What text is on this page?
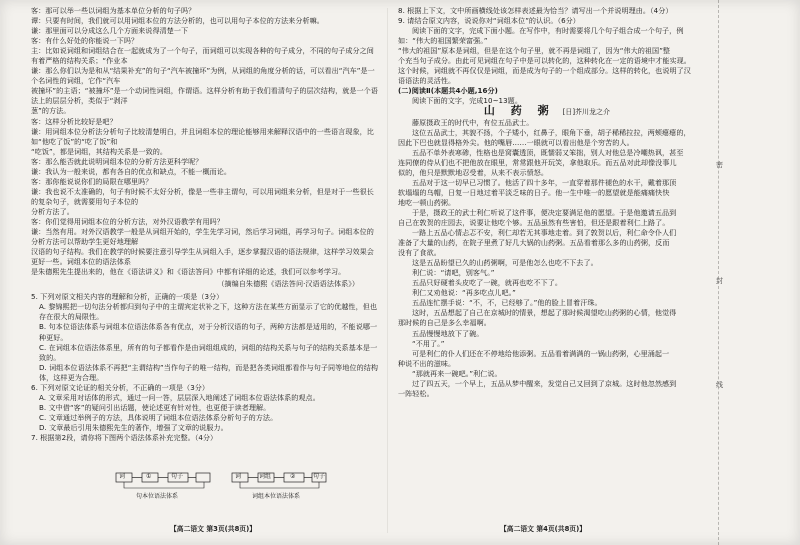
客：那可以举一些以词组为基本单位分析的句子吗？

谭：只要有时间，我们就可以用词组本位的方法分析的，也可以用句子本位的方法来分析嘛。

谦：那里面可以分成这么几个方面来说得清楚一下

客：有什么好处的你能说一下吗？

主：比如说词组和词组结合在一起就成为了一个句子，而词组可以实现各种的句子成分，不同的句子成分之间有着严格的结构关系；“作业本

谦：那么你们以为是和从“结果补充”的句子“汽车被撞坏”为例，从词组的角度分析的话，可以看出“汽车”是一个名词性的词组，它作“汽车

被撞坏”的主语；“被撞坏”是一个动词性词组，作谓语。这样分析有助于我们看清句子的层次结构，就是一个语法上的层层分析，类似于“剥洋

葱”的方法。

客：这样分析比较好是吧？

谦：用词组本位分析法分析句子比较清楚明白，并且词组本位的理论能够用来解释汉语中的一些语言现象，比如“他吃了饭”的“吃了饭”和

“吃饭”，都是词组，其结构关系是一致的。

客：那么能否就此说明词组本位的分析方法更科学呢？

谦：我认为一般来说，都有各自的优点和缺点，不能一概而论。

客：那你能说说你们的局限在哪里吗？

谦：我也说不太准确的，句子有时候不太好分析，像是一些非主谓句，可以用词组来分析，但是对于一些很长的复杂句子，就需要用句子本位的

分析方法了。

客：你们觉得用词组本位的分析方法，对外汉语教学有用吗？

谦：当然有用。对外汉语教学一般是从词组开始的，学生先学习词，然后学习词组，再学习句子。词组本位的分析方法可以帮助学生更好地理解

汉语的句子结构。我们在教学的时候要注意引导学生从词组入手，逐步掌握汉语的语法规律，这样学习效果会更好一些。词组本位的语法体系

是朱德熙先生提出来的，他在《语法讲义》和《语法答问》中都有详细的论述，我们可以参考学习。

（摘编自朱德熙《语法答问·汉语语法体系》）

5. 下列对原文相关内容的理解和分析，正确的一项是（3分）

A. 黎锦熙把一切句法分析都归到句子中的主谓宾定状补之下，这种方法在某些方面显示了它的优越性，但也存在很大的局限性。

B. 句本位语法体系与词组本位语法体系各有优点，对于分析汉语的句子，两种方法都是适用的，不能说哪一种更好。

C. 在词组本位语法体系里，所有的句子都看作是由词组组成的，词组的结构关系与句子的结构关系基本是一致的。

D. 词组本位语法体系不再把“主谓结构”当作句子的唯一结构，而是把各类词组都看作与句子同等地位的结构体，这样更为合理。

6. 下列对原文论证的相关分析，不正确的一项是（3分）

A. 文章采用对话体的形式，通过一问一答，层层深入地阐述了词组本位语法体系的观点。

B. 文中借“客”的疑问引出话题，使论述更有针对性，也更便于读者理解。

C. 文章通过举例子的方法，具体说明了词组本位语法体系分析句子的方法。

D. 文章最后引用朱德熙先生的著作，增强了文章的说服力。

7. 根据第2段，请你将下图两个语法体系补充完整。（4分）

词	①	句子	词	词组	②	句子
句本位语法体系	词组本位语法体系
【高二语文 第3页(共8页)】

8. 根据上下文，文中所画横线处该怎样表述最为恰当？请写出一个并说明理由。（4分）

9. 请结合原文内容，说说你对“词组本位”的认识。（6分）

阅读下面的文字，完成下面小题。在写作中，有时需要将几个句子组合成一个句子，例如：“伟大的祖国繁荣富强。”

“伟大的祖国”原本是词组，但是在这个句子里，就不再是词组了，因为“伟大的祖国”整

个充当句子成分。由此可见词组在句子中是可以转化的，这种转化在一定的语境中才能实现。

这个时候，词组就不再仅仅是词组，而是成为句子的一个组成部分。这样的转化，也说明了汉

语语法的灵活性。

(二)阅读Ⅱ(本题共4小题,16分)

阅读下面的文字，完成10~13题。

山 药 粥 [日]芥川龙之介

藤原摄政王的时代中，有位五品武士。

这位五品武士，其貌不扬，个子矮小，红鼻子，眼角下垂，胡子稀稀拉拉，两颊瘪瘪的，

因此下巴也就显得格外尖。他的嘴唇……一眼就可以看出他是个穷苦的人。

五品不单外表寒碜，性格也是窝囊透顶，既懦弱又笨拙，别人对他总是冷嘲热讽，甚至

连同僚的侍从们也不把他放在眼里，常常跟他开玩笑，拿他取乐。而五品对此却像没事儿

似的，他只是默默地忍受着，从来不表示愤怒。

五品对于这一切早已习惯了。他活了四十多年，一直穿着那件褪色的水干，戴着那顶

软塌塌的乌帽，日复一日地过着平淡乏味的日子。他一生中唯一的愿望就是能痛痛快快

地吃一顿山药粥。

于是，摄政王的武士利仁听说了这件事，便决定要满足他的愿望。于是他邀请五品到

自己在敦贺的庄园去，说要让他吃个够。五品虽然有些害怕，但还是跟着利仁上路了。

一路上五品心情忐忑不安，利仁却若无其事地走着。到了敦贺以后，利仁命令仆人们

准备了大量的山药，在院子里煮了好几大锅的山药粥。五品看着那么多的山药粥，反而

没有了食欲。

这是五品盼望已久的山药粥啊，可是他怎么也吃不下去了。

利仁说：“请吧，别客气。”

五品只好硬着头皮吃了一碗，就再也吃不下了。

利仁又劝他说：“再多吃点儿吧。”

五品连忙摆手说：“不，不，已经够了。”他的脸上冒着汗珠。

这时，五品想起了自己在京城时的情景，想起了那时候渴望吃山药粥的心情，他觉得

那时候的自己是多么幸福啊。

五品慢慢地放下了碗。

“不用了。”

可是利仁的仆人们还在不停地给他添粥。五品看着满满的一锅山药粥，心里涌起一

种说不出的滋味。

“那就再来一碗吧。”利仁说。

过了四五天，一个早上，五品从梦中醒来，发觉自己又回到了京城。这时他忽然感到

一阵轻松。

【高二语文 第4页(共8页)】
密
封
线
